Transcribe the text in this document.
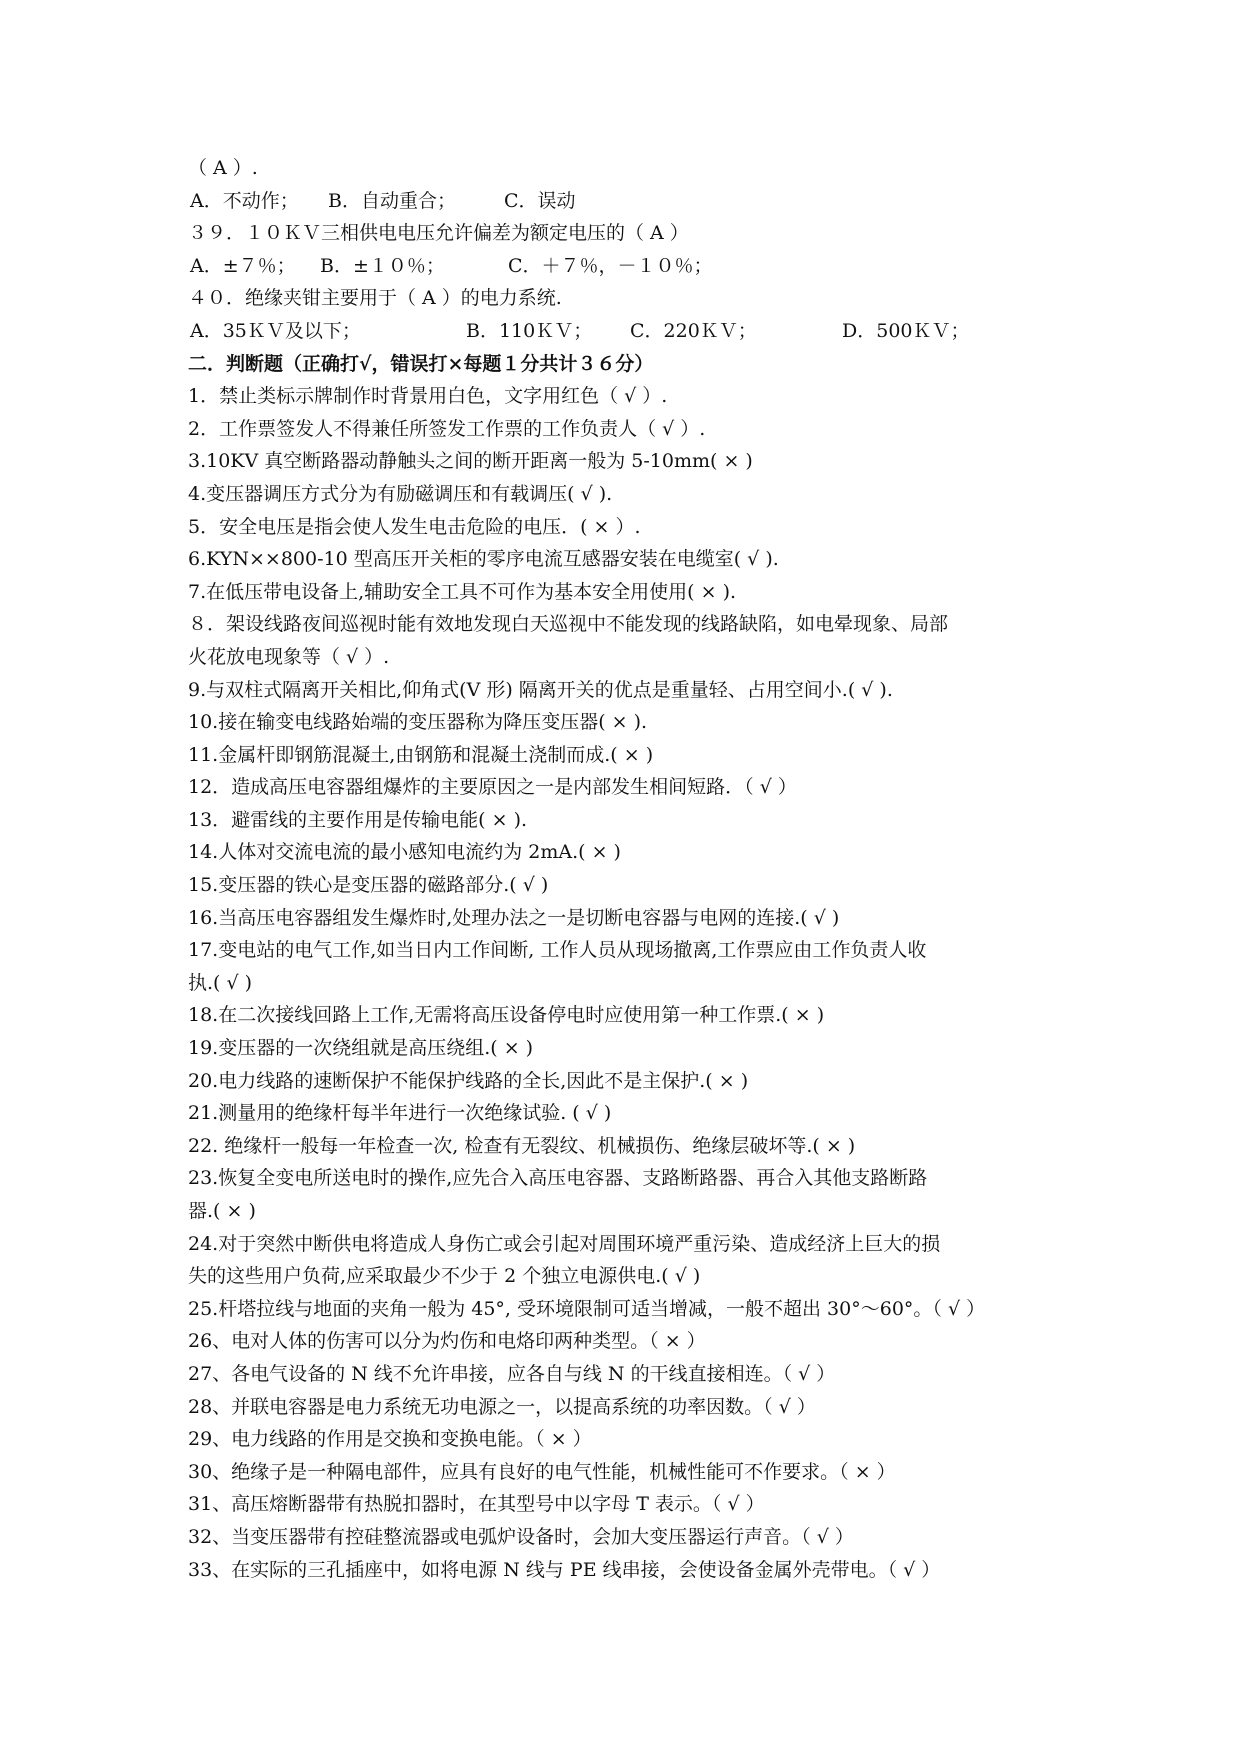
（ A ）.
A．不动作； B．自动重合；	C．误动
３９．１０ＫＶ三相供电电压允许偏差为额定电压的（ A ）
A．±７％； B．±１０％；	C．＋７％，－１０％；
４０．绝缘夹钳主要用于（ A ）的电力系统.
A．35ＫＶ及以下；	B．110ＫＶ； C．220ＫＶ；	D．500ＫＶ；
二．判断题（正确打√，错误打×每题１分共计３６分）
1．禁止类标示牌制作时背景用白色，文字用红色（ √ ）.
2．工作票签发人不得兼任所签发工作票的工作负责人（ √ ）.
3.10KV 真空断路器动静触头之间的断开距离一般为 5-10mm( × )
4.变压器调压方式分为有励磁调压和有载调压( √ ).
5．安全电压是指会使人发生电击危险的电压．( × ）.
6.KYN××800-10 型高压开关柜的零序电流互感器安装在电缆室( √ ).
7.在低压带电设备上,辅助安全工具不可作为基本安全用使用( × ).
８．架设线路夜间巡视时能有效地发现白天巡视中不能发现的线路缺陷，如电晕现象、局部
火花放电现象等（ √ ）.
9.与双柱式隔离开关相比,仰角式(V 形) 隔离开关的优点是重量轻、占用空间小.( √ ).
10.接在输变电线路始端的变压器称为降压变压器( × ).
11.金属杆即钢筋混凝土,由钢筋和混凝土浇制而成.( × )
12．造成高压电容器组爆炸的主要原因之一是内部发生相间短路．（ √ ）
13．避雷线的主要作用是传输电能( × ).
14.人体对交流电流的最小感知电流约为 2mA.( × )
15.变压器的铁心是变压器的磁路部分.( √ )
16.当高压电容器组发生爆炸时,处理办法之一是切断电容器与电网的连接.( √ )
17.变电站的电气工作,如当日内工作间断, 工作人员从现场撤离,工作票应由工作负责人收
执.( √ )
18.在二次接线回路上工作,无需将高压设备停电时应使用第一种工作票.( × )
19.变压器的一次绕组就是高压绕组.( × )
20.电力线路的速断保护不能保护线路的全长,因此不是主保护.( × )
21.测量用的绝缘杆每半年进行一次绝缘试验. ( √ )
22. 绝缘杆一般每一年检查一次, 检查有无裂纹、机械损伤、绝缘层破坏等.( × )
23.恢复全变电所送电时的操作,应先合入高压电容器、支路断路器、再合入其他支路断路
器.( × )
24.对于突然中断供电将造成人身伤亡或会引起对周围环境严重污染、造成经济上巨大的损
失的这些用户负荷,应采取最少不少于 2 个独立电源供电.( √ )
25.杆塔拉线与地面的夹角一般为 45°, 受环境限制可适当增减，一般不超出 30°～60°。（ √ ）
26、电对人体的伤害可以分为灼伤和电烙印两种类型。（ × ）
27、各电气设备的 N 线不允许串接，应各自与线 N 的干线直接相连。（ √ ）
28、并联电容器是电力系统无功电源之一，以提高系统的功率因数。（ √ ）
29、电力线路的作用是交换和变换电能。（ × ）
30、绝缘子是一种隔电部件，应具有良好的电气性能，机械性能可不作要求。（ × ）
31、高压熔断器带有热脱扣器时，在其型号中以字母 T 表示。（ √ ）
32、当变压器带有控硅整流器或电弧炉设备时，会加大变压器运行声音。（ √ ）
33、在实际的三孔插座中，如将电源 N 线与 PE 线串接，会使设备金属外壳带电。（ √ ）
